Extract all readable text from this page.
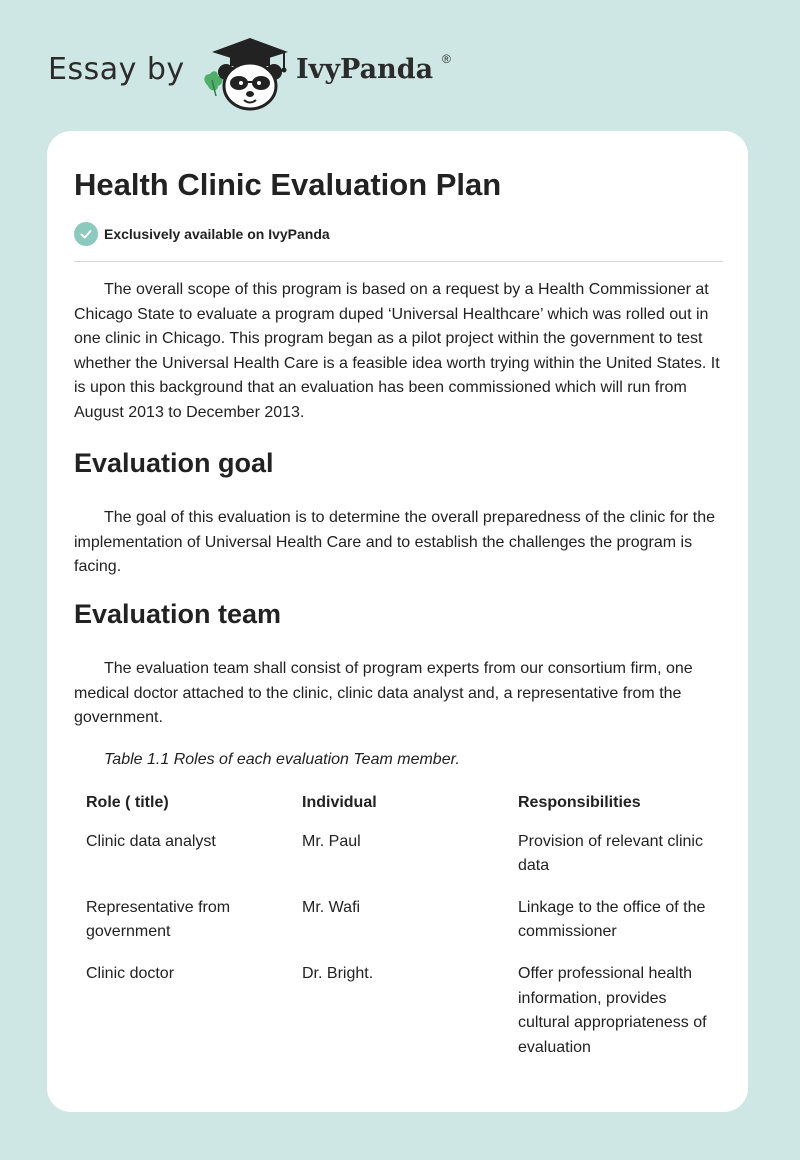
Essay by	IvyPanda ®
Health Clinic Evaluation Plan
Exclusively available on IvyPanda

The overall scope of this program is based on a request by a Health Commissioner at Chicago State to evaluate a program duped ‘Universal Healthcare’ which was rolled out in one clinic in Chicago. This program began as a pilot project within the government to test whether the Universal Health Care is a feasible idea worth trying within the United States. It is upon this background that an evaluation has been commissioned which will run from August 2013 to December 2013.

Evaluation goal

The goal of this evaluation is to determine the overall preparedness of the clinic for the implementation of Universal Health Care and to establish the challenges the program is facing.

Evaluation team

The evaluation team shall consist of program experts from our consortium firm, one medical doctor attached to the clinic, clinic data analyst and, a representative from the government.

Table 1.1 Roles of each evaluation Team member.

Role ( title)	Individual	Responsibilities
Clinic data analyst	Mr. Paul	Provision of relevant clinic data
Representative from government	Mr. Wafi	Linkage to the office of the commissioner
Clinic doctor	Dr. Bright.	Offer professional health information, provides cultural appropriateness of evaluation
